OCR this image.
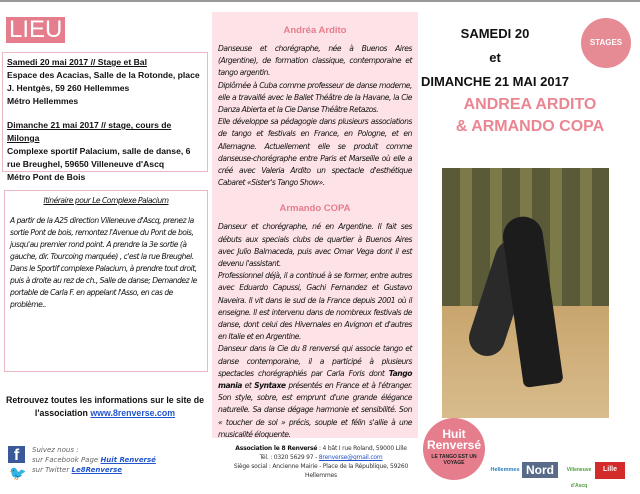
LIEU
Samedi 20 mai 2017 // Stage et Bal
Espace des Acacias, Salle de la Rotonde, place J. Hentgès, 59 260 Hellemmes
Métro Hellemmes
Dimanche 21 mai 2017 // stage, cours de Milonga
Complexe sportif Palacium, salle de danse, 6 rue Breughel, 59650 Villeneuve d'Ascq
Métro Pont de Bois
Itinéraire pour Le Complexe Palacium
A partir de la A25 direction Villeneuve d'Ascq, prenez la sortie Pont de bois, remontez l'Avenue du Pont de bois, jusqu'au premier rond point. A prendre la 3e sortie (à gauche, dir. Tourcoing marquée) , c'est la rue Breughel. Dans le Sportif complexe Palacium, à prendre tout droit, puis à droite au rez de ch., Salle de danse; Demandez le portable de Carla F. en appelant l'Asso, en cas de problème..
Retrouvez toutes les informations sur le site de l'association www.8renverse.com
f
🐦
Suivez nous :
sur Facebook Page Huit Renversé
sur Twitter Le8Renverse
Andréa Ardito

Danseuse et chorégraphe, née à Buenos Aires (Argentine), de formation classique, contemporaine et tango argentin.

Diplômée à Cuba comme professeur de danse moderne, elle a travaillé avec le Ballet Théâtre de la Havane, la Cie Danza Abierta et la Cie Danse Théâtre Retazos.

Elle développe sa pédagogie dans plusieurs associations de tango et festivals en France, en Pologne, et en Allemagne. Actuellement elle se produit comme danseuse-chorégraphe entre Paris et Marseille où elle a créé avec Valeria Ardito un spectacle d'esthétique Cabaret «Sister's Tango Show».

Armando COPA

Danseur et chorégraphe, né en Argentine. Il fait ses débuts aux specials clubs de quartier à Buenos Aires avec Julio Balmaceda, puis avec Omar Vega dont il est devenu l'assistant.

Professionnel déjà, il a continué à se former, entre autres avec Eduardo Capussi, Gachi Fernandez et Gustavo Naveira. Il vit dans le sud de la France depuis 2001 où il enseigne. Il est intervenu dans de nombreux festivals de danse, dont celui des Hivernales en Avignon et d'autres en Italie et en Argentine.

Danseur dans la Cie du 8 renversé qui associe tango et danse contemporaine, il a participé à plusieurs spectacles chorégraphiés par Carla Foris dont Tango mania et Syntaxe présentés en France et à l'étranger. Son style, sobre, est emprunt d'une grande élégance naturelle. Sa danse dégage harmonie et sensibilité. Son « toucher de sol » précis, souple et félin s'allie à une musicalité éloquente.

Association le 8 Renversé : 4 bât I rue Roland, 59000 Lille
Tél. : 0320 5629 97 - 8renverse@gmail.com
Siège social : Ancienne Mairie - Place de la République, 59260 Hellemmes
SAMEDI 20
et
DIMANCHE 21 MAI 2017
STAGES
ANDREA ARDITO
& ARMANDO COPA
Huit
Renversé
LE TANGO EST UN VOYAGE
Hellemmes Nord	Villeneuve d'Ascq
Lille
